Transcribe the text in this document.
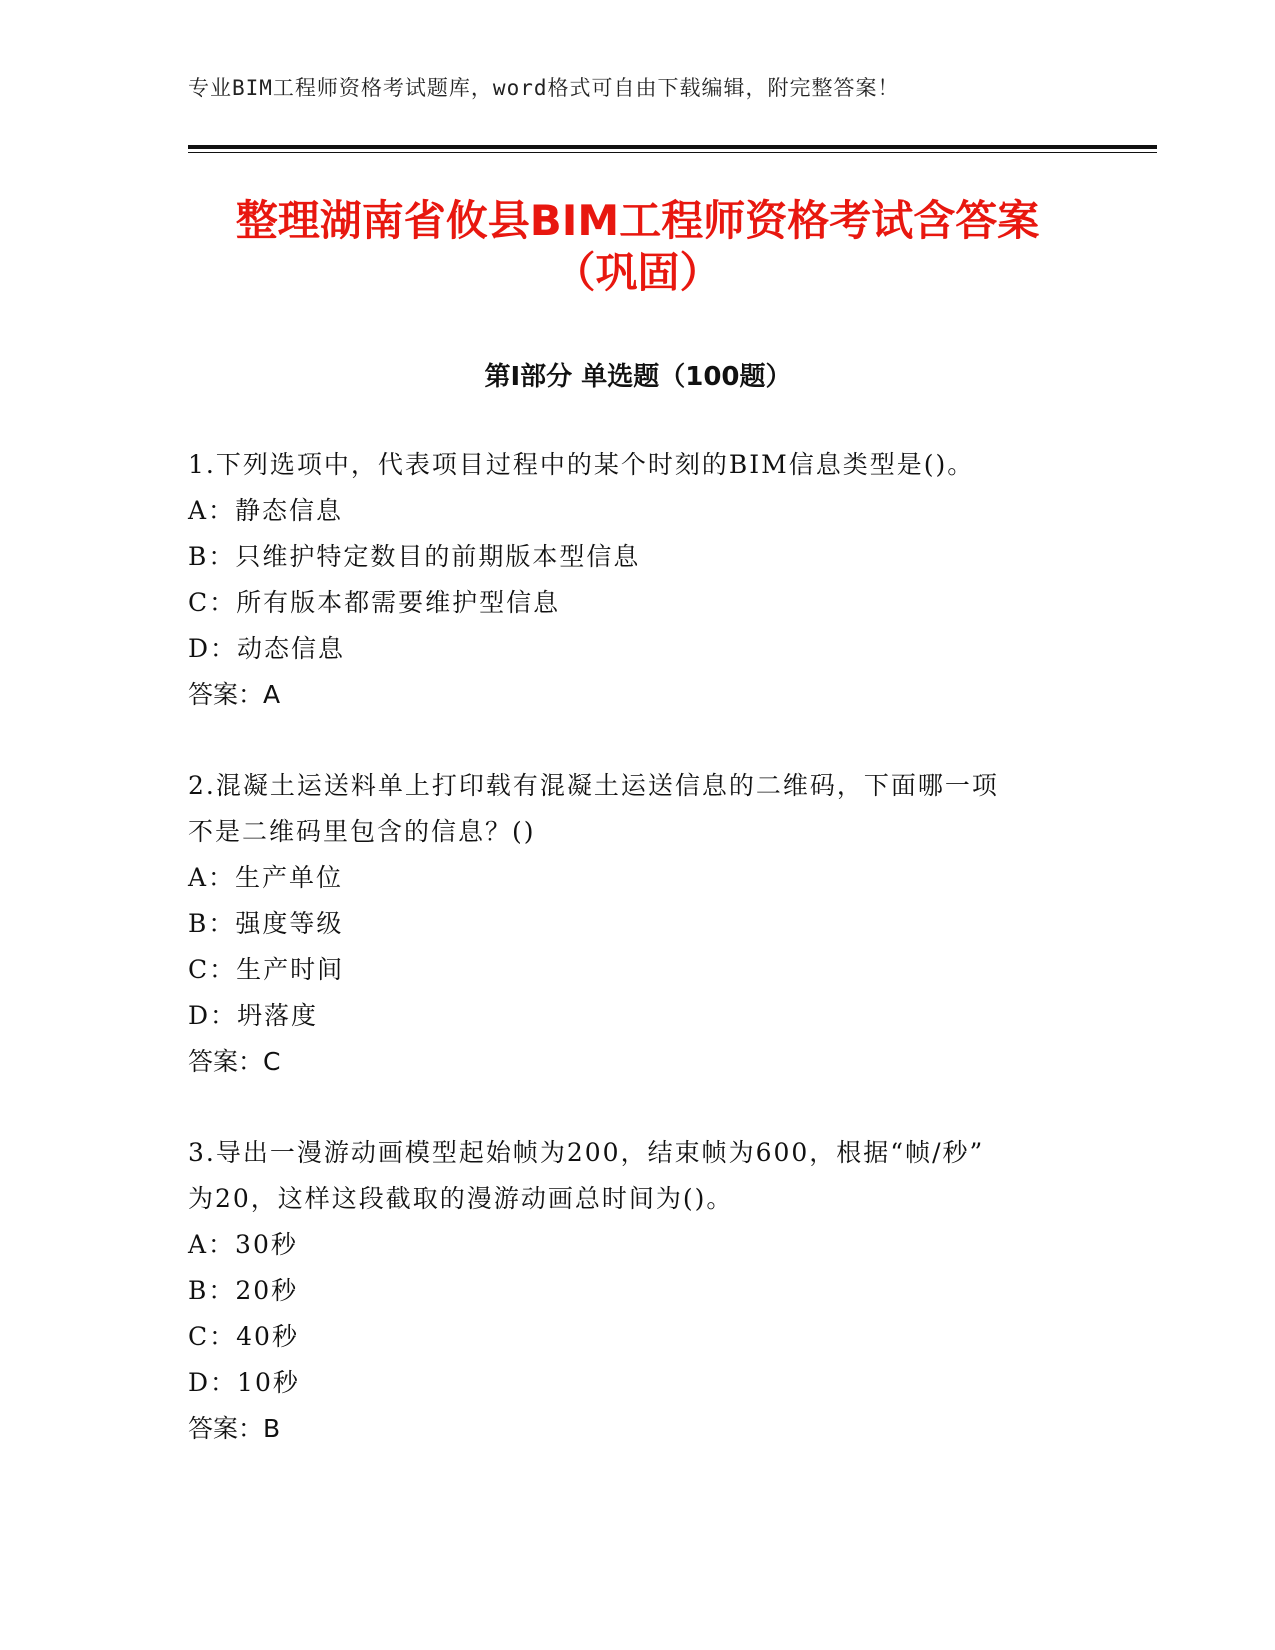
专业BIM工程师资格考试题库，word格式可自由下载编辑，附完整答案！
整理湖南省攸县BIM工程师资格考试含答案
（巩固）
第Ⅰ部分 单选题（100题）
1.下列选项中，代表项目过程中的某个时刻的BIM信息类型是()。
A：静态信息
B：只维护特定数目的前期版本型信息
C：所有版本都需要维护型信息
D：动态信息
答案：A
2.混凝土运送料单上打印载有混凝土运送信息的二维码，下面哪一项
不是二维码里包含的信息？()
A：生产单位
B：强度等级
C：生产时间
D：坍落度
答案：C
3.导出一漫游动画模型起始帧为200，结束帧为600，根据“帧/秒”
为20，这样这段截取的漫游动画总时间为()。
A：30秒
B：20秒
C：40秒
D：10秒
答案：B
